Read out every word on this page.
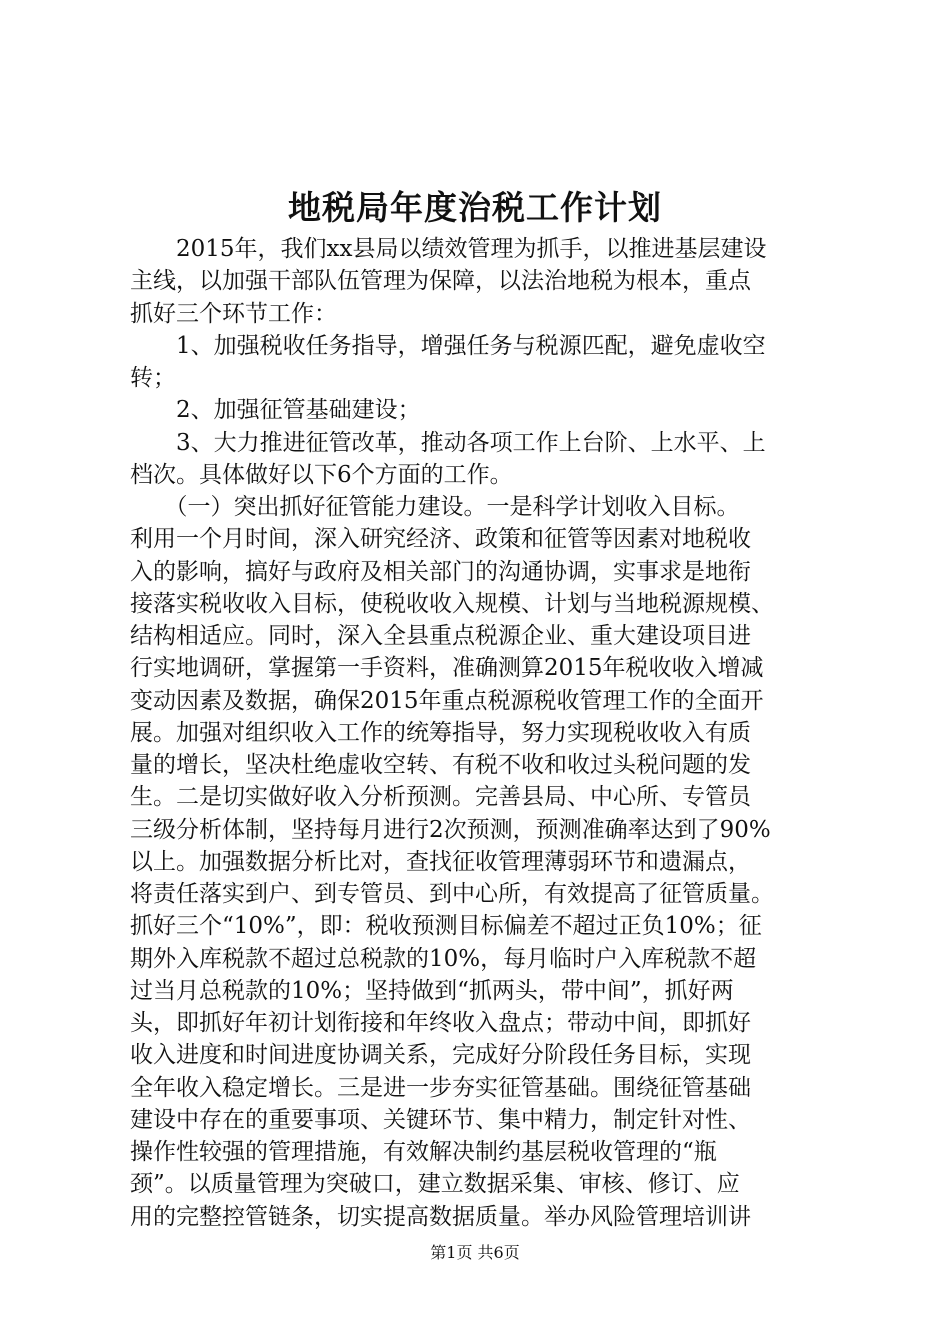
地税局年度治税工作计划
　　2015年，我们xx县局以绩效管理为抓手，以推进基层建设
主线，以加强干部队伍管理为保障，以法治地税为根本，重点
抓好三个环节工作：
　　1、加强税收任务指导，增强任务与税源匹配，避免虚收空
转；
　　2、加强征管基础建设；
　　3、大力推进征管改革，推动各项工作上台阶、上水平、上
档次。具体做好以下6个方面的工作。
　　（一）突出抓好征管能力建设。一是科学计划收入目标。
利用一个月时间，深入研究经济、政策和征管等因素对地税收
入的影响，搞好与政府及相关部门的沟通协调，实事求是地衔
接落实税收收入目标，使税收收入规模、计划与当地税源规模、
结构相适应。同时，深入全县重点税源企业、重大建设项目进
行实地调研，掌握第一手资料，准确测算2015年税收收入增减
变动因素及数据，确保2015年重点税源税收管理工作的全面开
展。加强对组织收入工作的统筹指导，努力实现税收收入有质
量的增长，坚决杜绝虚收空转、有税不收和收过头税问题的发
生。二是切实做好收入分析预测。完善县局、中心所、专管员
三级分析体制，坚持每月进行2次预测，预测准确率达到了90%
以上。加强数据分析比对，查找征收管理薄弱环节和遗漏点，
将责任落实到户、到专管员、到中心所，有效提高了征管质量。
抓好三个“10%”，即：税收预测目标偏差不超过正负10%；征
期外入库税款不超过总税款的10%，每月临时户入库税款不超
过当月总税款的10%；坚持做到“抓两头，带中间”，抓好两
头，即抓好年初计划衔接和年终收入盘点；带动中间，即抓好
收入进度和时间进度协调关系，完成好分阶段任务目标，实现
全年收入稳定增长。三是进一步夯实征管基础。围绕征管基础
建设中存在的重要事项、关键环节、集中精力，制定针对性、
操作性较强的管理措施，有效解决制约基层税收管理的“瓶
颈”。以质量管理为突破口，建立数据采集、审核、修订、应
用的完整控管链条，切实提高数据质量。举办风险管理培训讲
第1页 共6页
